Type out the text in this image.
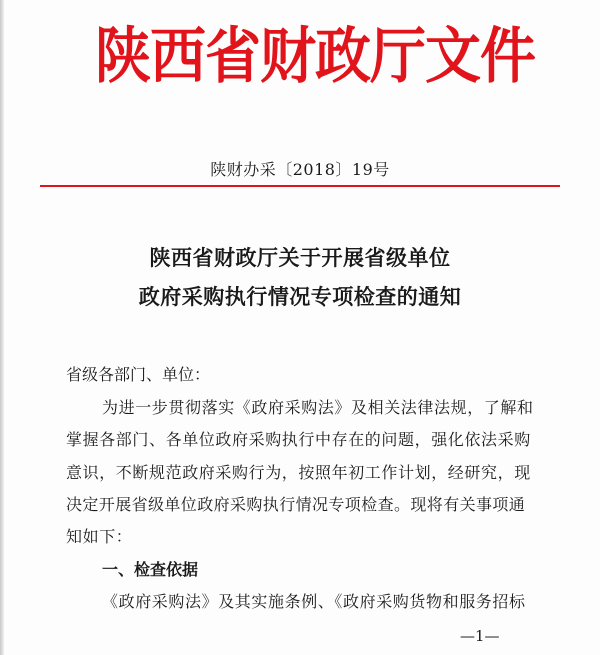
陕西省财政厅文件
陕财办采〔2018〕19号
陕西省财政厅关于开展省级单位
政府采购执行情况专项检查的通知
省级各部门、单位：
为进一步贯彻落实《政府采购法》及相关法律法规，了解和
掌握各部门、各单位政府采购执行中存在的问题，强化依法采购
意识，不断规范政府采购行为，按照年初工作计划，经研究，现
决定开展省级单位政府采购执行情况专项检查。现将有关事项通
知如下：
一、检查依据
《政府采购法》及其实施条例、《政府采购货物和服务招标
—1—
